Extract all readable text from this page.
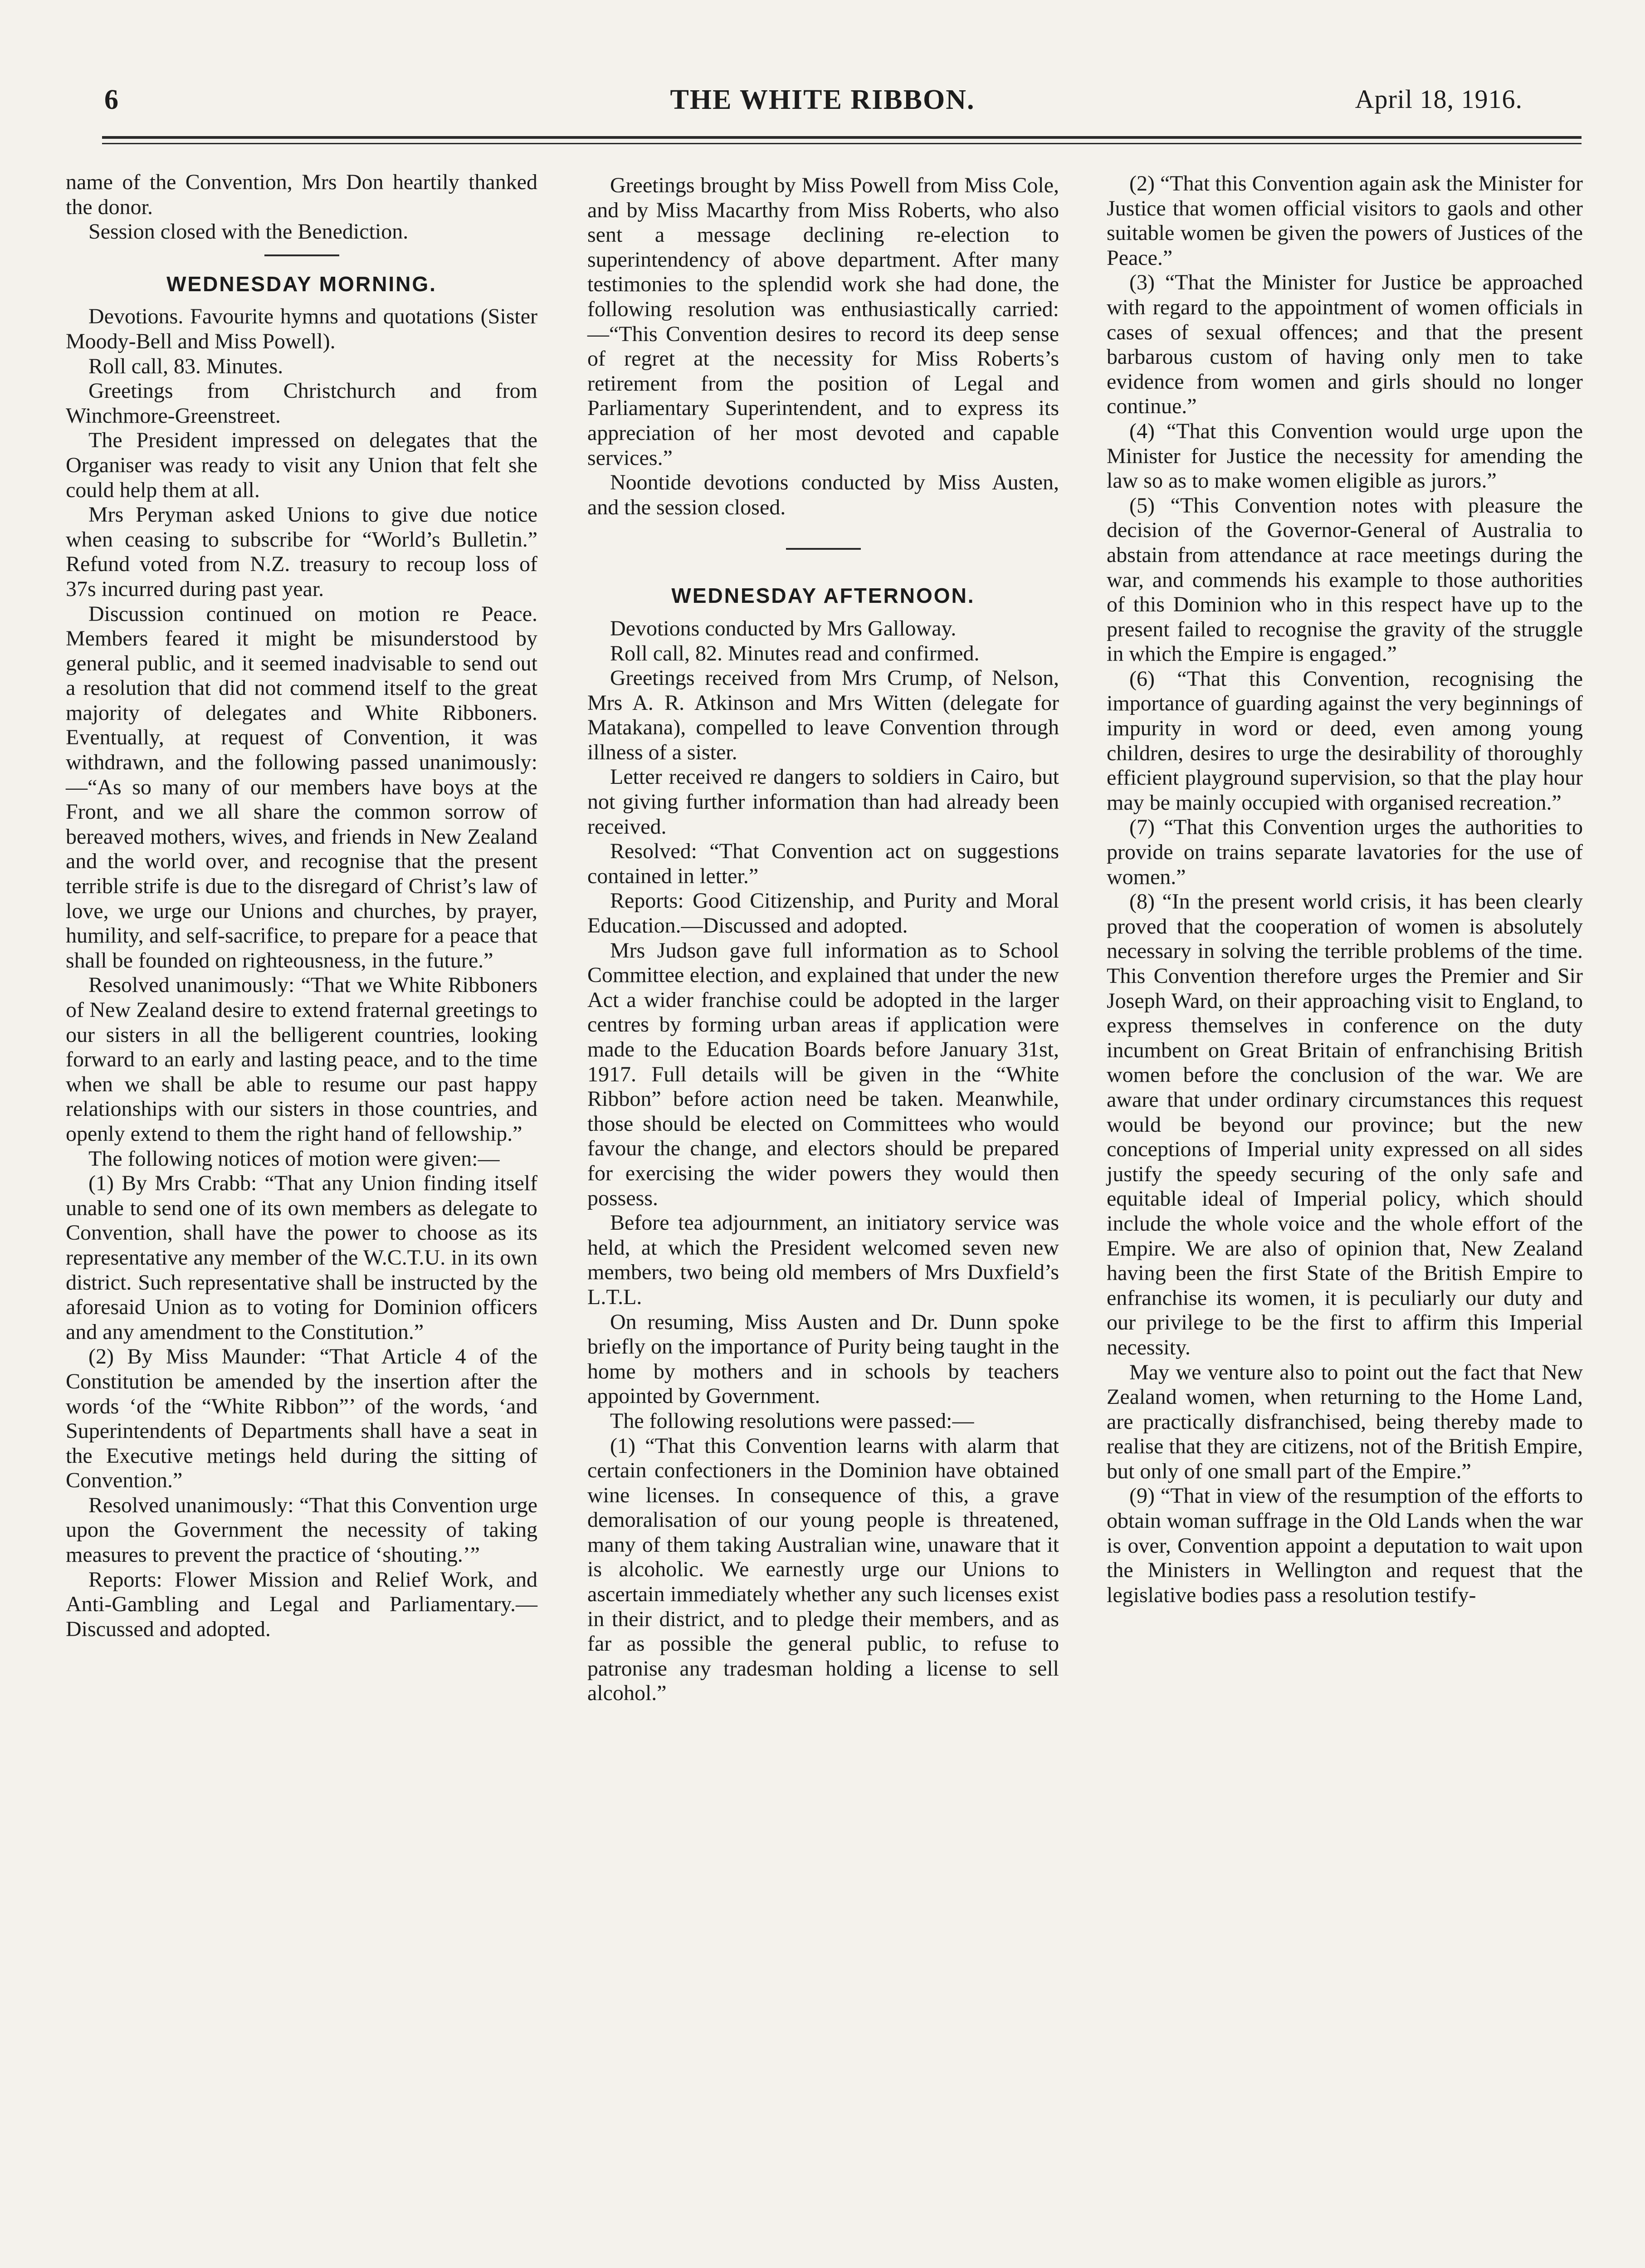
6	THE WHITE RIBBON.	April 18, 1916.

name of the Convention, Mrs Don heartily thanked the donor.

Session closed with the Benediction.

WEDNESDAY MORNING.

Devotions. Favourite hymns and quotations (Sister Moody-Bell and Miss Powell).

Roll call, 83. Minutes.

Greetings from Christchurch and from Winchmore-Greenstreet.

The President impressed on delegates that the Organiser was ready to visit any Union that felt she could help them at all.

Mrs Peryman asked Unions to give due notice when ceasing to subscribe for “World’s Bulletin.” Refund voted from N.Z. treasury to recoup loss of 37s incurred during past year.

Discussion continued on motion re Peace. Members feared it might be misunderstood by general public, and it seemed inadvisable to send out a resolution that did not commend itself to the great majority of delegates and White Ribboners. Eventually, at request of Convention, it was withdrawn, and the following passed unanimously:—“As so many of our members have boys at the Front, and we all share the common sorrow of bereaved mothers, wives, and friends in New Zealand and the world over, and recognise that the present terrible strife is due to the disregard of Christ’s law of love, we urge our Unions and churches, by prayer, humility, and self-sacrifice, to prepare for a peace that shall be founded on righteousness, in the future.”

Resolved unanimously: “That we White Ribboners of New Zealand desire to extend fraternal greetings to our sisters in all the belligerent countries, looking forward to an early and lasting peace, and to the time when we shall be able to resume our past happy relationships with our sisters in those countries, and openly extend to them the right hand of fellowship.”

The following notices of motion were given:—

(1) By Mrs Crabb: “That any Union finding itself unable to send one of its own members as delegate to Convention, shall have the power to choose as its representative any member of the W.C.T.U. in its own district. Such representative shall be instructed by the aforesaid Union as to voting for Dominion officers and any amendment to the Constitution.”

(2) By Miss Maunder: “That Article 4 of the Constitution be amended by the insertion after the words ‘of the “White Ribbon”’ of the words, ‘and Superintendents of Departments shall have a seat in the Executive metings held during the sitting of Convention.”

Resolved unanimously: “That this Convention urge upon the Government the necessity of taking measures to prevent the practice of ‘shouting.’”

Reports: Flower Mission and Relief Work, and Anti-Gambling and Legal and Parliamentary.—Discussed and adopted.

Greetings brought by Miss Powell from Miss Cole, and by Miss Macarthy from Miss Roberts, who also sent a message declining re-election to superintendency of above department. After many testimonies to the splendid work she had done, the following resolution was enthusiastically carried:—“This Convention desires to record its deep sense of regret at the necessity for Miss Roberts’s retirement from the position of Legal and Parliamentary Superintendent, and to express its appreciation of her most devoted and capable services.”

Noontide devotions conducted by Miss Austen, and the session closed.

WEDNESDAY AFTERNOON.

Devotions conducted by Mrs Galloway.

Roll call, 82. Minutes read and confirmed.

Greetings received from Mrs Crump, of Nelson, Mrs A. R. Atkinson and Mrs Witten (delegate for Matakana), compelled to leave Convention through illness of a sister.

Letter received re dangers to soldiers in Cairo, but not giving further information than had already been received.

Resolved: “That Convention act on suggestions contained in letter.”

Reports: Good Citizenship, and Purity and Moral Education.—Discussed and adopted.

Mrs Judson gave full information as to School Committee election, and explained that under the new Act a wider franchise could be adopted in the larger centres by forming urban areas if application were made to the Education Boards before January 31st, 1917. Full details will be given in the “White Ribbon” before action need be taken. Meanwhile, those should be elected on Committees who would favour the change, and electors should be prepared for exercising the wider powers they would then possess.

Before tea adjournment, an initiatory service was held, at which the President welcomed seven new members, two being old members of Mrs Duxfield’s L.T.L.

On resuming, Miss Austen and Dr. Dunn spoke briefly on the importance of Purity being taught in the home by mothers and in schools by teachers appointed by Government.

The following resolutions were passed:—

(1) “That this Convention learns with alarm that certain confectioners in the Dominion have obtained wine licenses. In consequence of this, a grave demoralisation of our young people is threatened, many of them taking Australian wine, unaware that it is alcoholic. We earnestly urge our Unions to ascertain immediately whether any such licenses exist in their district, and to pledge their members, and as far as possible the general public, to refuse to patronise any tradesman holding a license to sell alcohol.”

(2) “That this Convention again ask the Minister for Justice that women official visitors to gaols and other suitable women be given the powers of Justices of the Peace.”

(3) “That the Minister for Justice be approached with regard to the appointment of women officials in cases of sexual offences; and that the present barbarous custom of having only men to take evidence from women and girls should no longer continue.”

(4) “That this Convention would urge upon the Minister for Justice the necessity for amending the law so as to make women eligible as jurors.”

(5) “This Convention notes with pleasure the decision of the Governor-General of Australia to abstain from attendance at race meetings during the war, and commends his example to those authorities of this Dominion who in this respect have up to the present failed to recognise the gravity of the struggle in which the Empire is engaged.”

(6) “That this Convention, recognising the importance of guarding against the very beginnings of impurity in word or deed, even among young children, desires to urge the desirability of thoroughly efficient playground supervision, so that the play hour may be mainly occupied with organised recreation.”

(7) “That this Convention urges the authorities to provide on trains separate lavatories for the use of women.”

(8) “In the present world crisis, it has been clearly proved that the cooperation of women is absolutely necessary in solving the terrible problems of the time. This Convention therefore urges the Premier and Sir Joseph Ward, on their approaching visit to England, to express themselves in conference on the duty incumbent on Great Britain of enfranchising British women before the conclusion of the war. We are aware that under ordinary circumstances this request would be beyond our province; but the new conceptions of Imperial unity expressed on all sides justify the speedy securing of the only safe and equitable ideal of Imperial policy, which should include the whole voice and the whole effort of the Empire. We are also of opinion that, New Zealand having been the first State of the British Empire to enfranchise its women, it is peculiarly our duty and our privilege to be the first to affirm this Imperial necessity.

May we venture also to point out the fact that New Zealand women, when returning to the Home Land, are practically disfranchised, being thereby made to realise that they are citizens, not of the British Empire, but only of one small part of the Empire.”

(9) “That in view of the resumption of the efforts to obtain woman suffrage in the Old Lands when the war is over, Convention appoint a deputation to wait upon the Ministers in Wellington and request that the legislative bodies pass a resolution testify-
